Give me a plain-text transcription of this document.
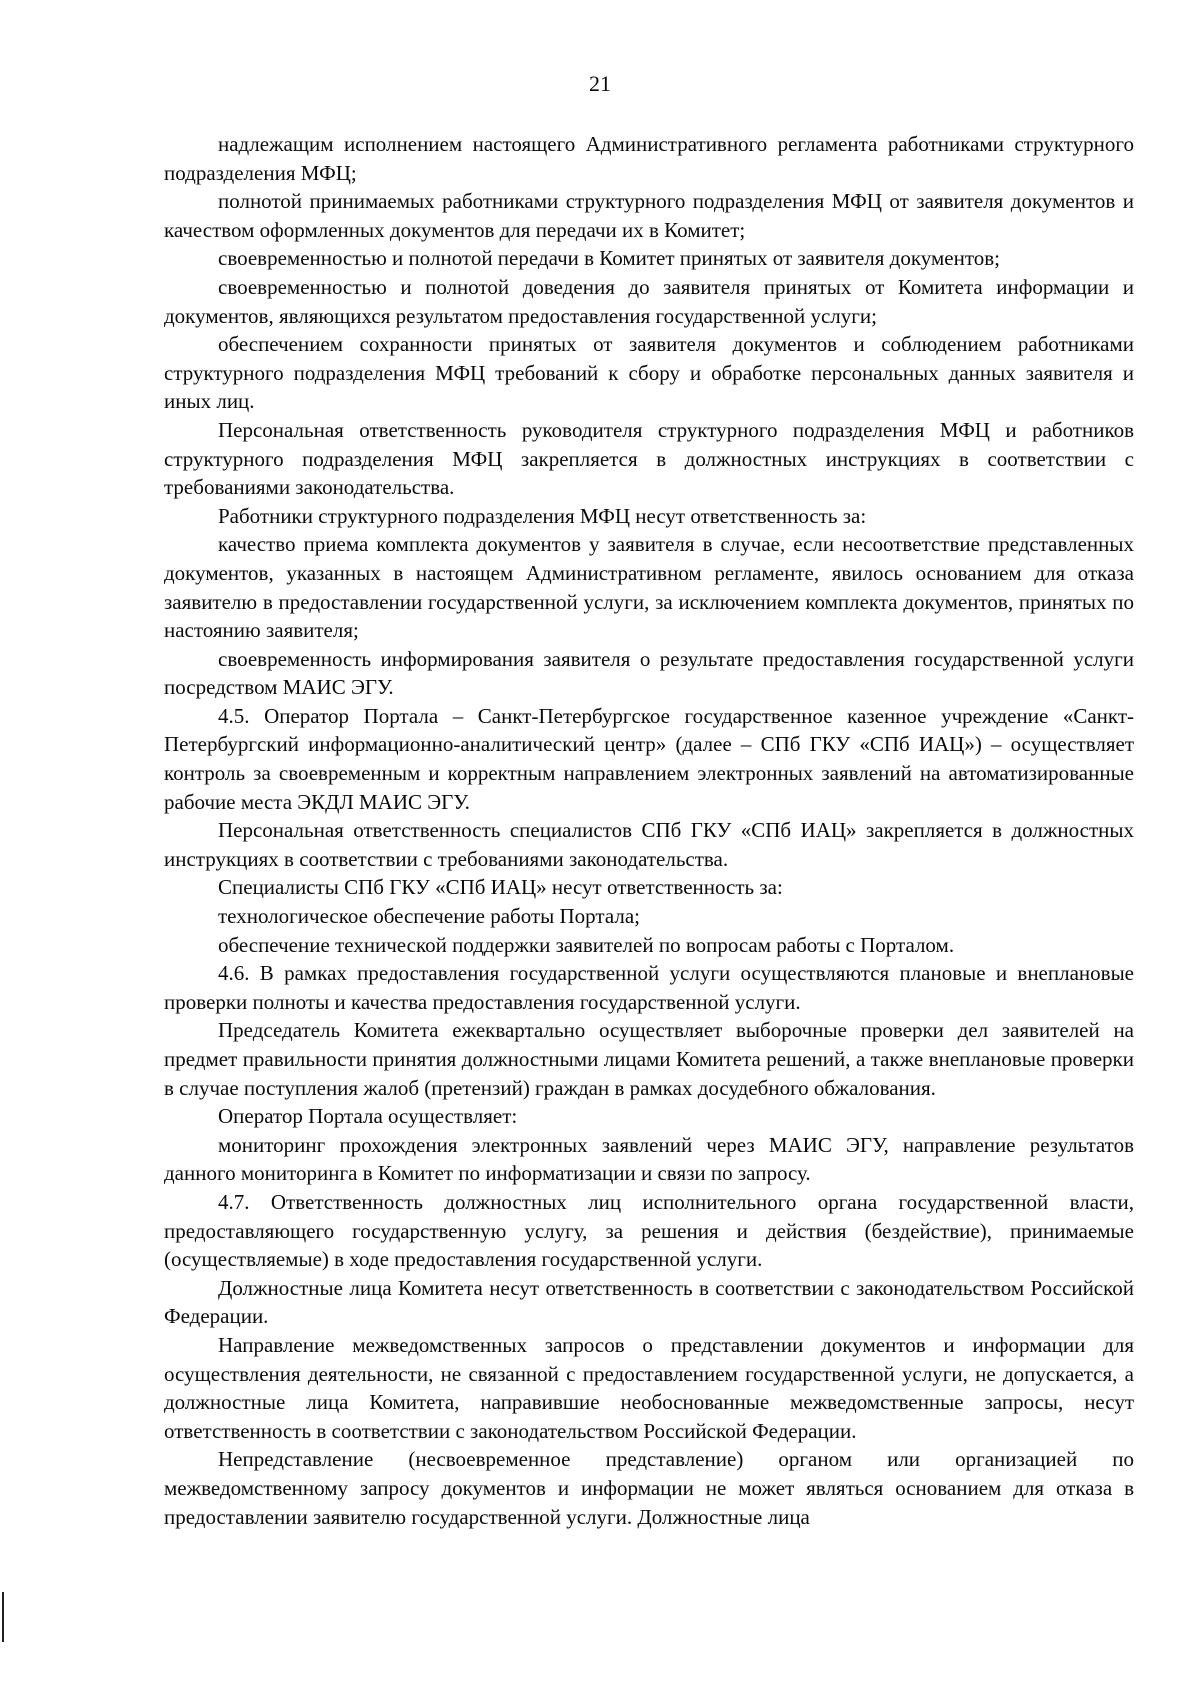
21

надлежащим исполнением настоящего Административного регламента работниками структурного подразделения МФЦ;

полнотой принимаемых работниками структурного подразделения МФЦ от заявителя документов и качеством оформленных документов для передачи их в Комитет;

своевременностью и полнотой передачи в Комитет принятых от заявителя документов;

своевременностью и полнотой доведения до заявителя принятых от Комитета информации и документов, являющихся результатом предоставления государственной услуги;

обеспечением сохранности принятых от заявителя документов и соблюдением работниками структурного подразделения МФЦ требований к сбору и обработке персональных данных заявителя и иных лиц.

Персональная ответственность руководителя структурного подразделения МФЦ и работников структурного подразделения МФЦ закрепляется в должностных инструкциях в соответствии с требованиями законодательства.

Работники структурного подразделения МФЦ несут ответственность за:

качество приема комплекта документов у заявителя в случае, если несоответствие представленных документов, указанных в настоящем Административном регламенте, явилось основанием для отказа заявителю в предоставлении государственной услуги, за исключением комплекта документов, принятых по настоянию заявителя;

своевременность информирования заявителя о результате предоставления государственной услуги посредством МАИС ЭГУ.

4.5. Оператор Портала – Санкт-Петербургское государственное казенное учреждение «Санкт-Петербургский информационно-аналитический центр» (далее – СПб ГКУ «СПб ИАЦ») – осуществляет контроль за своевременным и корректным направлением электронных заявлений на автоматизированные рабочие места ЭКДЛ МАИС ЭГУ.

Персональная ответственность специалистов СПб ГКУ «СПб ИАЦ» закрепляется в должностных инструкциях в соответствии с требованиями законодательства.

Специалисты СПб ГКУ «СПб ИАЦ» несут ответственность за:

технологическое обеспечение работы Портала;

обеспечение технической поддержки заявителей по вопросам работы с Порталом.

4.6. В рамках предоставления государственной услуги осуществляются плановые и внеплановые проверки полноты и качества предоставления государственной услуги.

Председатель Комитета ежеквартально осуществляет выборочные проверки дел заявителей на предмет правильности принятия должностными лицами Комитета решений, а также внеплановые проверки в случае поступления жалоб (претензий) граждан в рамках досудебного обжалования.

Оператор Портала осуществляет:

мониторинг прохождения электронных заявлений через МАИС ЭГУ, направление результатов данного мониторинга в Комитет по информатизации и связи по запросу.

4.7. Ответственность должностных лиц исполнительного органа государственной власти, предоставляющего государственную услугу, за решения и действия (бездействие), принимаемые (осуществляемые) в ходе предоставления государственной услуги.

Должностные лица Комитета несут ответственность в соответствии с законодательством Российской Федерации.

Направление межведомственных запросов о представлении документов и информации для осуществления деятельности, не связанной с предоставлением государственной услуги, не допускается, а должностные лица Комитета, направившие необоснованные межведомственные запросы, несут ответственность в соответствии с законодательством Российской Федерации.

Непредставление (несвоевременное представление) органом или организацией по межведомственному запросу документов и информации не может являться основанием для отказа в предоставлении заявителю государственной услуги. Должностные лица
